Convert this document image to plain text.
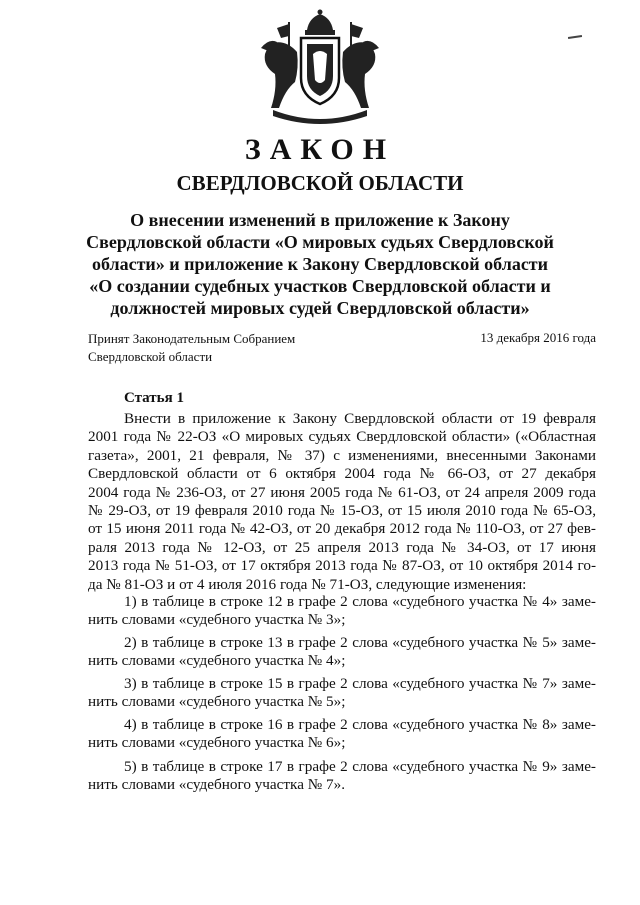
ЗАКОН
СВЕРДЛОВСКОЙ ОБЛАСТИ
О внесении изменений в приложение к Закону
Свердловской области «О мировых судьях Свердловской
области» и приложение к Закону Свердловской области
«О создании судебных участков Свердловской области и
должностей мировых судей Свердловской области»
Принят Законодательным Собранием
Свердловской области
13 декабря 2016 года
Статья 1
Внести в приложение к Закону Свердловской области от 19 февраля
2001 года № 22-ОЗ «О мировых судьях Свердловской области» («Областная
газета», 2001, 21 февраля, № 37) с изменениями, внесенными Законами
Свердловской области от 6 октября 2004 года № 66-ОЗ, от 27 декабря
2004 года № 236-ОЗ, от 27 июня 2005 года № 61-ОЗ, от 24 апреля 2009 года
№ 29-ОЗ, от 19 февраля 2010 года № 15-ОЗ, от 15 июля 2010 года № 65-ОЗ,
от 15 июня 2011 года № 42-ОЗ, от 20 декабря 2012 года № 110-ОЗ, от 27 фев-
раля 2013 года № 12-ОЗ, от 25 апреля 2013 года № 34-ОЗ, от 17 июня
2013 года № 51-ОЗ, от 17 октября 2013 года № 87-ОЗ, от 10 октября 2014 го-
да № 81-ОЗ и от 4 июля 2016 года № 71-ОЗ, следующие изменения:
1) в таблице в строке 12 в графе 2 слова «судебного участка № 4» заме-
нить словами «судебного участка № 3»;
2) в таблице в строке 13 в графе 2 слова «судебного участка № 5» заме-
нить словами «судебного участка № 4»;
3) в таблице в строке 15 в графе 2 слова «судебного участка № 7» заме-
нить словами «судебного участка № 5»;
4) в таблице в строке 16 в графе 2 слова «судебного участка № 8» заме-
нить словами «судебного участка № 6»;
5) в таблице в строке 17 в графе 2 слова «судебного участка № 9» заме-
нить словами «судебного участка № 7».
